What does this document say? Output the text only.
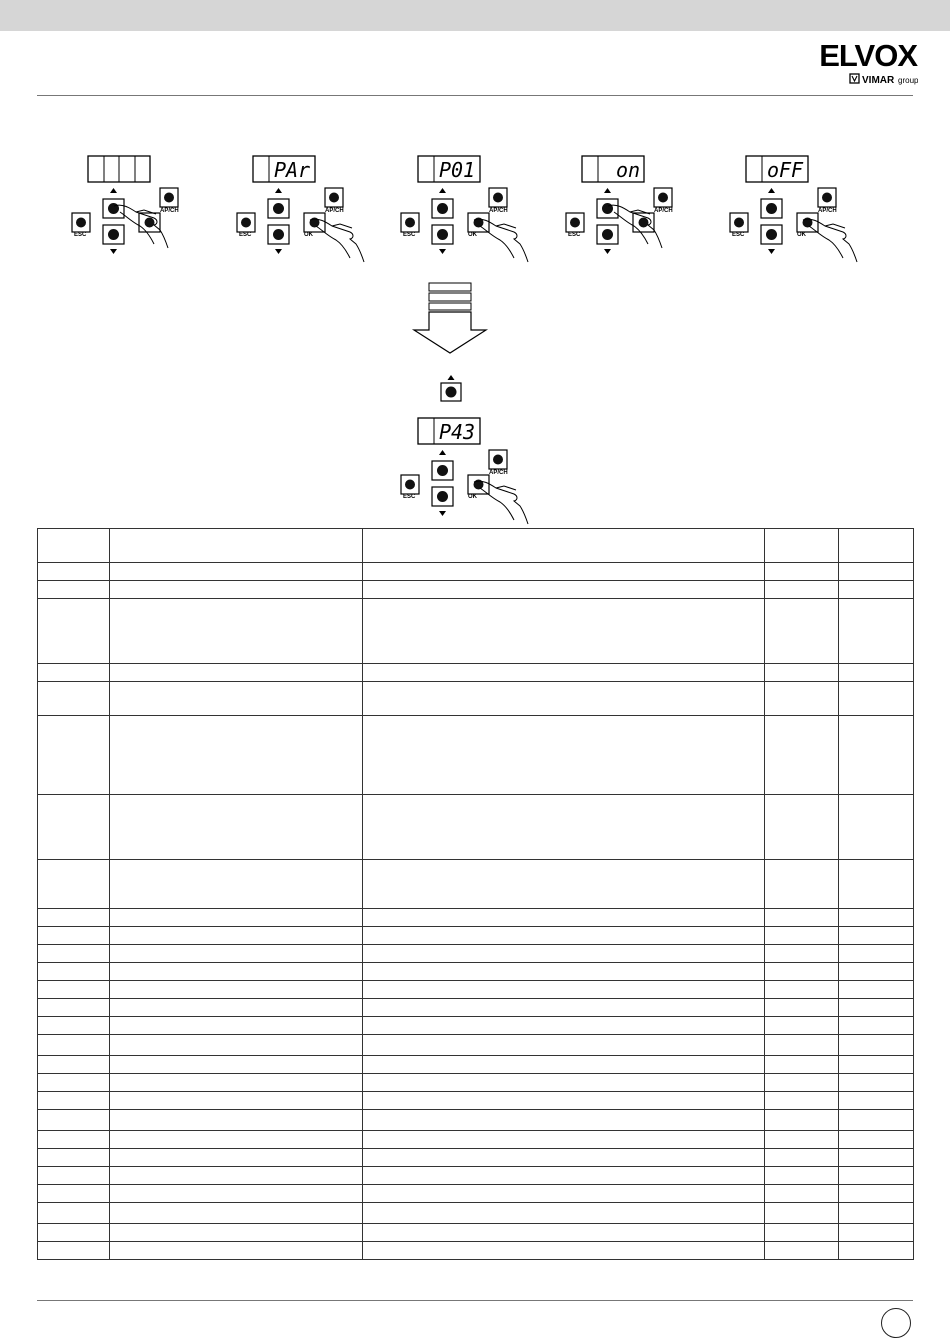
ELVOX
VIMAR group
PAr	P01	on	oFF
ESC
AP/CH
ESC	OK
AP/CH
ESC	OK
AP/CH
ESC
AP/CH
ESC	OK
AP/CH
P43
ESC	OK
AP/CH
